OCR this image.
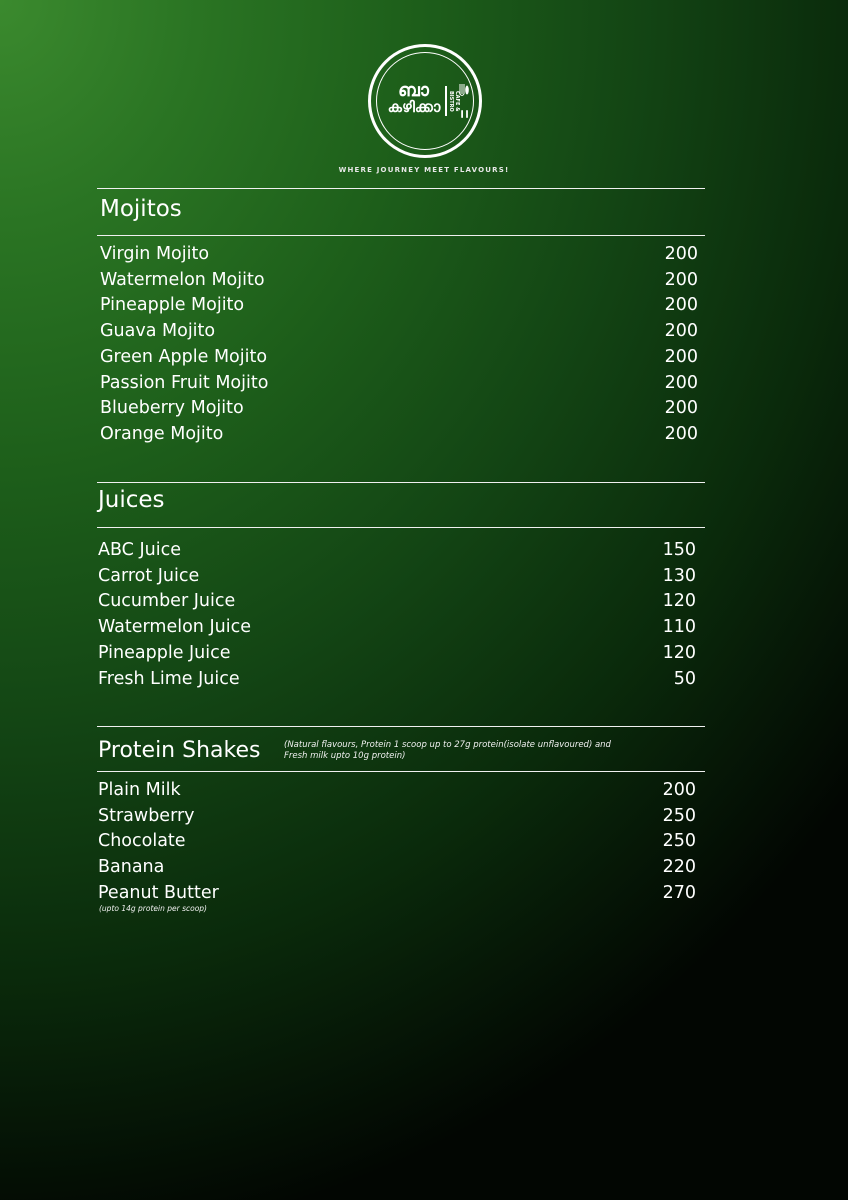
ബാ
കഴിക്കാ	CAFE & BISTRO
WHERE JOURNEY MEET FLAVOURS!
Mojitos
Virgin Mojito	200
Watermelon Mojito	200
Pineapple Mojito	200
Guava Mojito	200
Green Apple Mojito	200
Passion Fruit Mojito	200
Blueberry Mojito	200
Orange Mojito	200
Juices
ABC Juice	150
Carrot Juice	130
Cucumber Juice	120
Watermelon Juice	110
Pineapple Juice	120
Fresh Lime Juice	50
Protein Shakes	(Natural flavours, Protein 1 scoop up to 27g protein(isolate unflavoured) and
Fresh milk upto 10g protein)
Plain Milk	200
Strawberry	250
Chocolate	250
Banana	220
Peanut Butter	270
(upto 14g protein per scoop)
